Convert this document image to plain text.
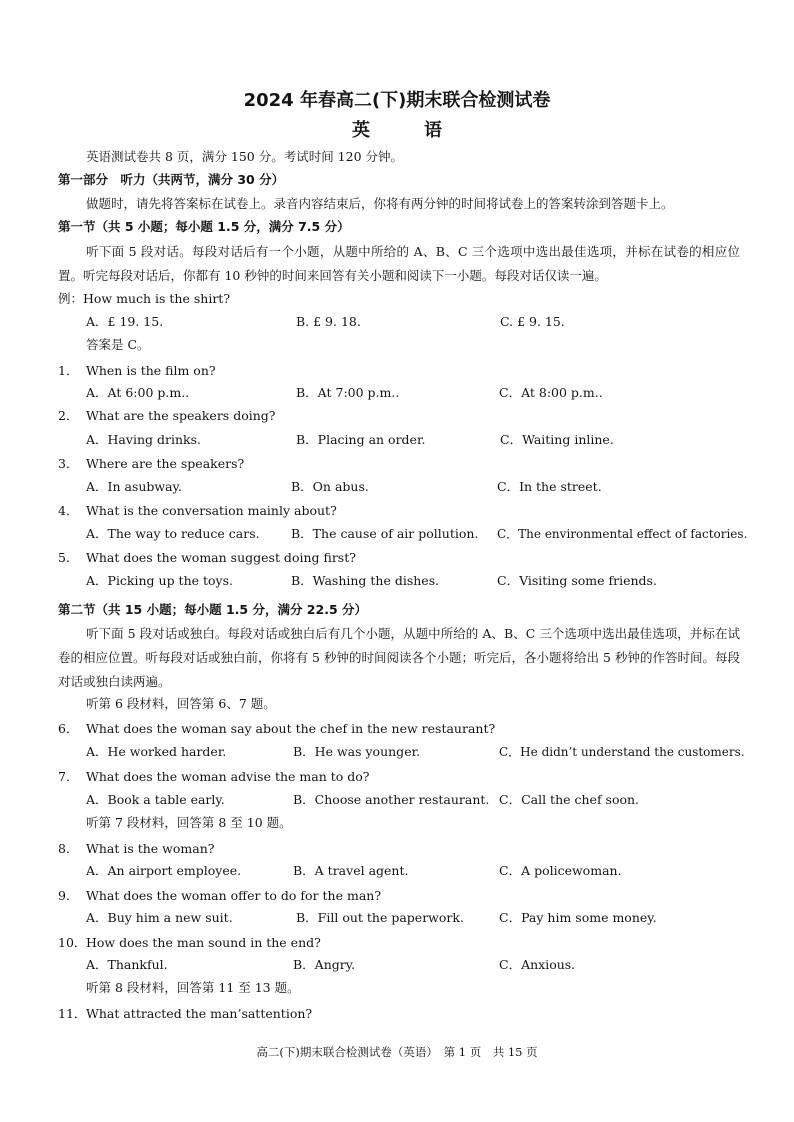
2024 年春高二(下)期末联合检测试卷
英　语
英语测试卷共 8 页，满分 150 分。考试时间 120 分钟。
第一部分　听力（共两节，满分 30 分）
做题时，请先将答案标在试卷上。录音内容结束后，你将有两分钟的时间将试卷上的答案转涂到答题卡上。
第一节（共 5 小题；每小题 1.5 分，满分 7.5 分）
听下面 5 段对话。每段对话后有一个小题，从题中所给的 A、B、C 三个选项中选出最佳选项，并标在试卷的相应位置。听完每段对话后，你都有 10 秒钟的时间来回答有关小题和阅读下一小题。每段对话仅读一遍。
例：How much is the shirt?
A．£ 19. 15.	B. £ 9. 18.	C. £ 9. 15.
答案是 C。
1． When is the film on?
A．At 6:00 p.m..	B．At 7:00 p.m..	C．At 8:00 p.m..
2． What are the speakers doing?
A．Having drinks.	B．Placing an order.	C．Waiting inline.
3． Where are the speakers?
A．In asubway.	B．On abus.	C．In the street.
4． What is the conversation mainly about?
A．The way to reduce cars.	B．The cause of air pollution. C．The environmental effect of factories.
5． What does the woman suggest doing first?
A．Picking up the toys.	B．Washing the dishes.	C．Visiting some friends.
第二节（共 15 小题；每小题 1.5 分，满分 22.5 分）
听下面 5 段对话或独白。每段对话或独白后有几个小题，从题中所给的 A、B、C 三个选项中选出最佳选项，并标在试卷的相应位置。听每段对话或独白前，你将有 5 秒钟的时间阅读各个小题；听完后，各小题将给出 5 秒钟的作答时间。每段对话或独白读两遍。
听第 6 段材料，回答第 6、7 题。
6． What does the woman say about the chef in the new restaurant?
A．He worked harder.	B．He was younger.	C．He didn’t understand the customers.
7． What does the woman advise the man to do?
A．Book a table early.	B．Choose another restaurant. C．Call the chef soon.
听第 7 段材料，回答第 8 至 10 题。
8． What is the woman?
A．An airport employee.	B．A travel agent.	C．A policewoman.
9． What does the woman offer to do for the man?
A．Buy him a new suit.	B．Fill out the paperwork.	C．Pay him some money.
10． How does the man sound in the end?
A．Thankful.	B．Angry.	C．Anxious.
听第 8 段材料，回答第 11 至 13 题。
11． What attracted the man’sattention?
高二(下)期末联合检测试卷（英语）　第 1 页　共 15 页
